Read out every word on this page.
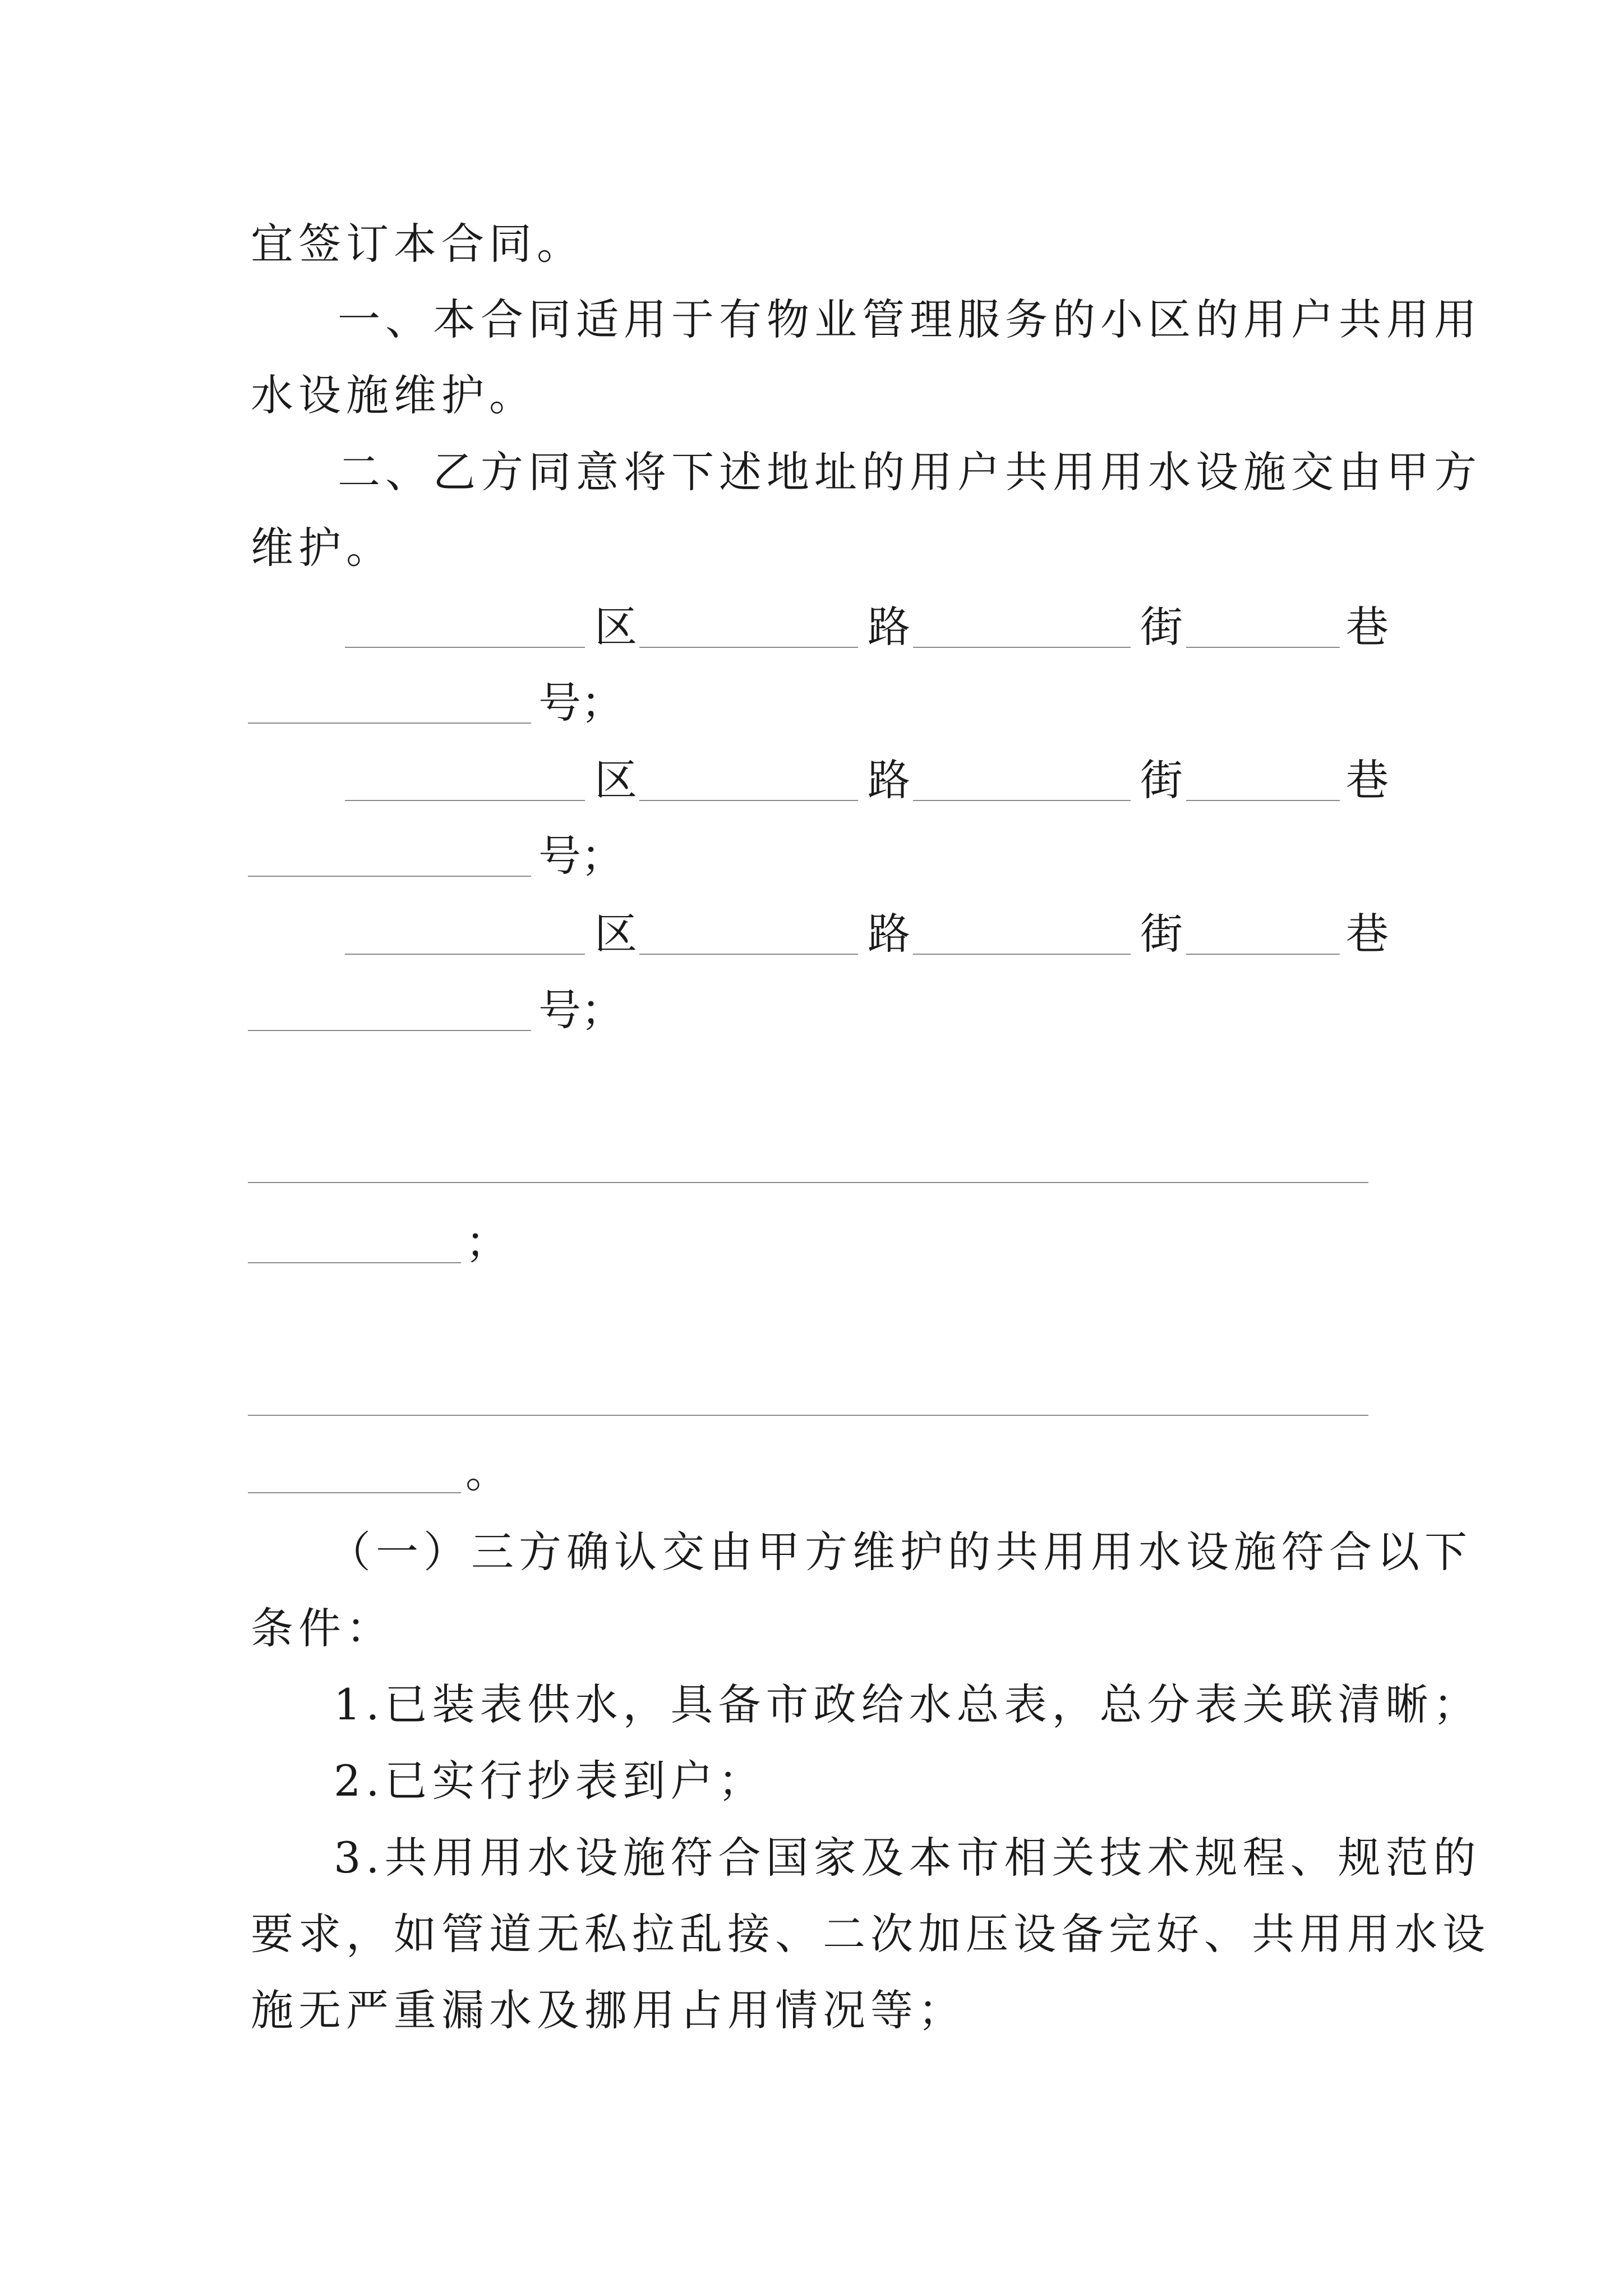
宜签订本合同。
一、本合同适用于有物业管理服务的小区的用户共用用
水设施维护。
二、乙方同意将下述地址的用户共用用水设施交由甲方
维护。
区	路	街	巷
号；
区	路	街	巷
号；
区	路	街	巷
号；
；
。
（一）三方确认交由甲方维护的共用用水设施符合以下
条件：
1.已装表供水，具备市政给水总表，总分表关联清晰；
2.已实行抄表到户；
3.共用用水设施符合国家及本市相关技术规程、规范的
要求，如管道无私拉乱接、二次加压设备完好、共用用水设
施无严重漏水及挪用占用情况等；
